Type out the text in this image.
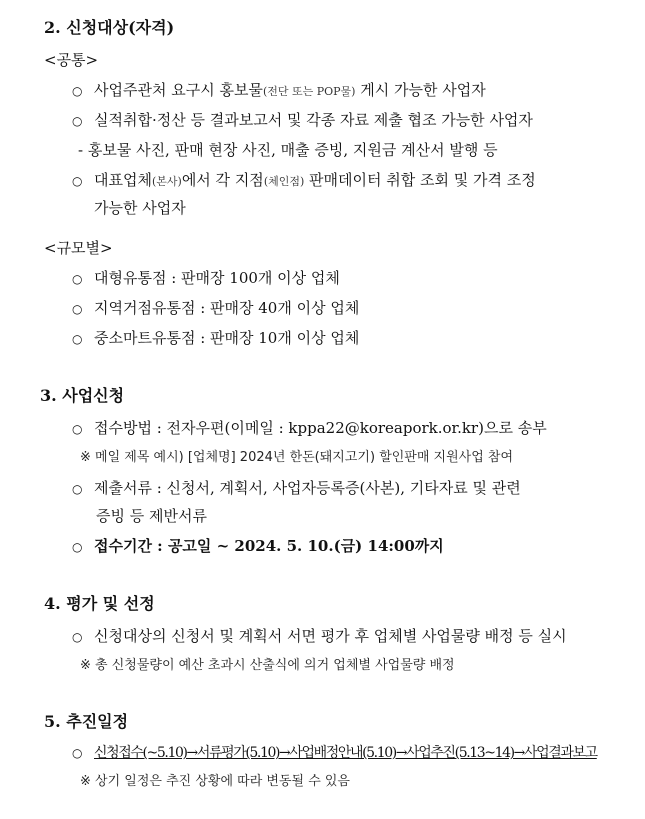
2. 신청대상(자격)
<공통>
○ 사업주관처 요구시 홍보물(전단 또는 POP물) 게시 가능한 사업자
○ 실적취합·정산 등 결과보고서 및 각종 자료 제출 협조 가능한 사업자
- 홍보물 사진, 판매 현장 사진, 매출 증빙, 지원금 계산서 발행 등
○ 대표업체(본사)에서 각 지점(체인점) 판매데이터 취합 조회 및 가격 조정
가능한 사업자
<규모별>
○ 대형유통점 : 판매장 100개 이상 업체
○ 지역거점유통점 : 판매장 40개 이상 업체
○ 중소마트유통점 : 판매장 10개 이상 업체
3. 사업신청
○ 접수방법 : 전자우편(이메일 : kppa22@koreapork.or.kr)으로 송부
※ 메일 제목 예시) [업체명] 2024년 한돈(돼지고기) 할인판매 지원사업 참여
○ 제출서류 : 신청서, 계획서, 사업자등록증(사본), 기타자료 및 관련
증빙 등 제반서류
○ 접수기간 : 공고일 ~ 2024. 5. 10.(금) 14:00까지
4. 평가 및 선정
○ 신청대상의 신청서 및 계획서 서면 평가 후 업체별 사업물량 배정 등 실시
※ 총 신청물량이 예산 초과시 산출식에 의거 업체별 사업물량 배정
5. 추진일정
○ 신청접수(~5.10)→서류평가(5.10)→사업배정안내(5.10)→사업추진(5.13~14)→사업결과보고
※ 상기 일정은 추진 상황에 따라 변동될 수 있음
